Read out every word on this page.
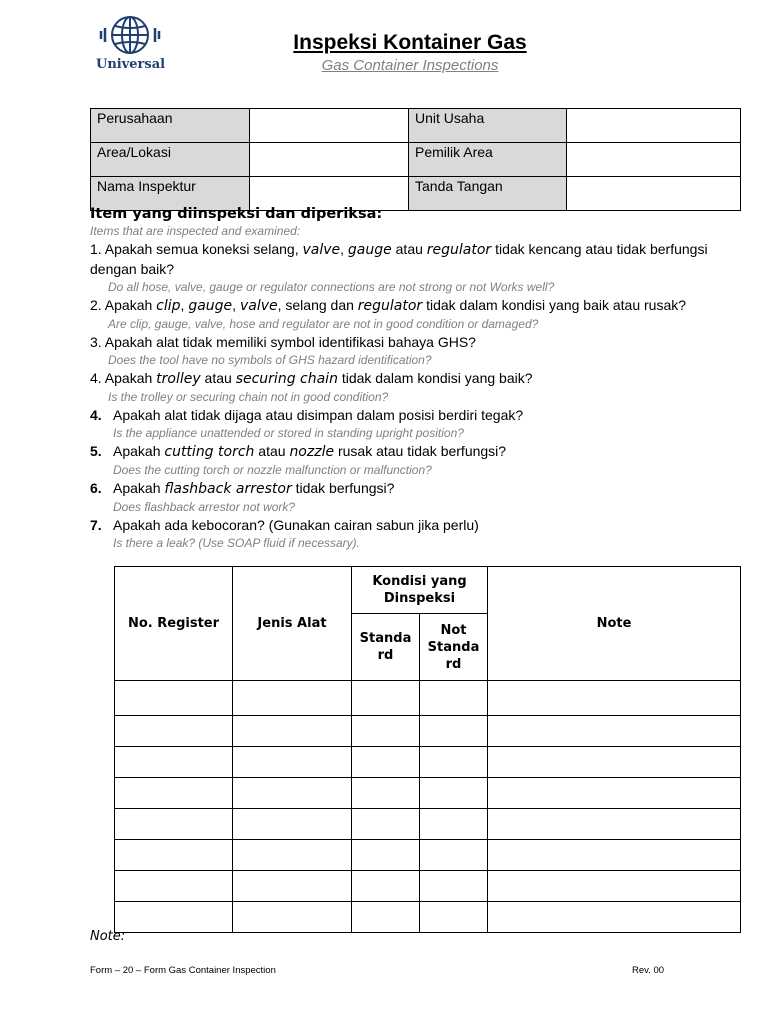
Universal
Inspeksi Kontainer Gas
Gas Container Inspections
Perusahaan		Unit Usaha	
Area/Lokasi		Pemilik Area	
Nama Inspektur		Tanda Tangan	
Item yang diinspeksi dan diperiksa:
Items that are inspected and examined:
1. Apakah semua koneksi selang, valve, gauge atau regulator tidak kencang atau tidak berfungsi dengan baik?
Do all hose, valve, gauge or regulator connections are not strong or not Works well?
2. Apakah clip, gauge, valve, selang dan regulator tidak dalam kondisi yang baik atau rusak?
Are clip, gauge, valve, hose and regulator are not in good condition or damaged?
3. Apakah alat tidak memiliki symbol identifikasi bahaya GHS?
Does the tool have no symbols of GHS hazard identification?
4. Apakah trolley atau securing chain tidak dalam kondisi yang baik?
Is the trolley or securing chain not in good condition?
4. Apakah alat tidak dijaga atau disimpan dalam posisi berdiri tegak?
Is the appliance unattended or stored in standing upright position?
5. Apakah cutting torch atau nozzle rusak atau tidak berfungsi?
Does the cutting torch or nozzle malfunction or malfunction?
6. Apakah flashback arrestor tidak berfungsi?
Does flashback arrestor not work?
7. Apakah ada kebocoran? (Gunakan cairan sabun jika perlu)
Is there a leak? (Use SOAP fluid if necessary).
No. Register	Jenis Alat	Kondisi yang Dinspeksi		Note
		Standa rd	Not Standa rd	

Note:
Form – 20 – Form Gas Container Inspection	Rev. 00
